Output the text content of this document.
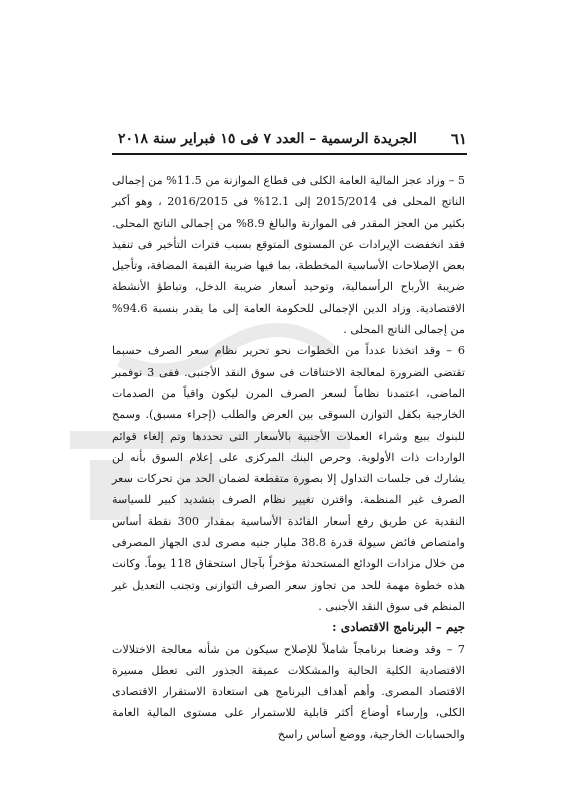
٦١
الجريدة الرسمية – العدد ٧ فى ١٥ فبراير سنة ٢٠١٨

5 – وزاد عجز المالية العامة الكلى فى قطاع الموازنة من 11.5% من إجمالى الناتج المحلى فى 2015/2014 إلى 12.1% فى 2016/2015 ، وهو أكبر بكثير من العجز المقدر فى الموازنة والبالغ 8.9% من إجمالى الناتج المحلى. فقد انخفضت الإيرادات عن المستوى المتوقع بسبب فترات التأخير فى تنفيذ بعض الإصلاحات الأساسية المخططة، بما فيها ضريبة القيمة المضافة، وتأجيل ضريبة الأرباح الرأسمالية، وتوحيد أسعار ضريبة الدخل، وتباطؤ الأنشطة الاقتصادية. وزاد الدين الإجمالى للحكومة العامة إلى ما يقدر بنسبة 94.6% من إجمالى الناتج المحلى .

6 – وقد اتخذنا عدداً من الخطوات نحو تحرير نظام سعر الصرف حسبما تقتضى الضرورة لمعالجة الاختناقات فى سوق النقد الأجنبى. ففى 3 نوفمبر الماضى، اعتمدنا نظاماً لسعر الصرف المرن ليكون واقياً من الصدمات الخارجية بكفل التوازن السوقى بين العرض والطلب (إجراء مسبق). وسمح للبنوك ببيع وشراء العملات الأجنبية بالأسعار التى تحددها وتم إلغاء قوائم الواردات ذات الأولوية. وحرص البنك المركزى على إعلام السوق بأنه لن يشارك فى جلسات التداول إلا بصورة متقطعة لضمان الحد من تحركات سعر الصرف غير المنظمة. واقترن تغيير نظام الصرف بتشديد كبير للسياسة النقدية عن طريق رفع أسعار الفائدة الأساسية بمقدار 300 نقطة أساس وامتصاص فائض سيولة قدرة 38.8 مليار جنيه مصرى لدى الجهاز المصرفى من خلال مزادات الودائع المستحدثة مؤخراً بآجال استحقاق 118 يوماً. وكانت هذه خطوة مهمة للحد من تجاوز سعر الصرف التوازنى وتجنب التعديل غير المنظم فى سوق النقد الأجنبى .

جيم – البرنامج الاقتصادى :

7 – وقد وضعنا برنامجاً شاملاً للإصلاح سيكون من شأنه معالجة الاختلالات الاقتصادية الكلية الحالية والمشكلات عميقة الجذور التى تعطل مسيرة الاقتصاد المصرى. وأهم أهداف البرنامج هى استعادة الاستقرار الاقتصادى الكلى، وإرساء أوضاع أكثر قابلية للاستمرار على مستوى المالية العامة والحسابات الخارجية، ووضع أساس راسخ
